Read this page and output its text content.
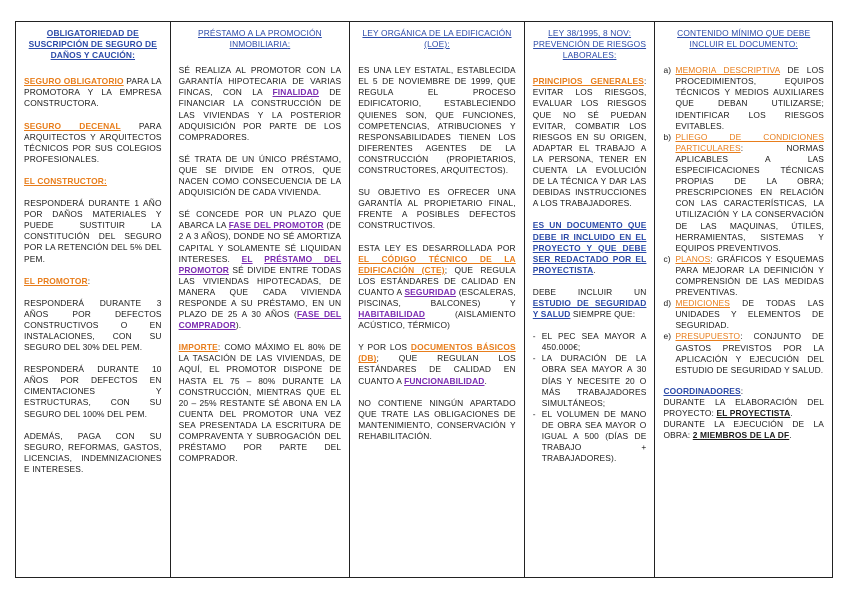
OBLIGATORIEDAD DE SUSCRIPCIÓN DE SEGURO DE DAÑOS Y CAUCIÓN:

SEGURO OBLIGATORIO PARA LA PROMOTORA Y LA EMPRESA CONSTRUCTORA.

SEGURO DECENAL PARA ARQUITECTOS Y ARQUITECTOS TÉCNICOS POR SUS COLEGIOS PROFESIONALES.

EL CONSTRUCTOR:

RESPONDERÁ DURANTE 1 AÑO POR DAÑOS MATERIALES Y PUEDE SUSTITUIR LA CONSTITUCIÓN DEL SEGURO POR LA RETENCIÓN DEL 5% DEL PEM.

EL PROMOTOR:

RESPONDERÁ DURANTE 3 AÑOS POR DEFECTOS CONSTRUCTIVOS O EN INSTALACIONES, CON SU SEGURO DEL 30% DEL PEM.

RESPONDERÁ DURANTE 10 AÑOS POR DEFECTOS EN CIMENTACIONES Y ESTRUCTURAS, CON SU SEGURO DEL 100% DEL PEM.

ADEMÁS, PAGA CON SU SEGURO, REFORMAS, GASTOS, LICENCIAS, INDEMNIZACIONES E INTERESES.

PRÉSTAMO A LA PROMOCIÓN INMOBILIARIA:

SÉ REALIZA AL PROMOTOR CON LA GARANTÍA HIPOTECARIA DE VARIAS FINCAS, CON LA FINALIDAD DE FINANCIAR LA CONSTRUCCIÓN DE LAS VIVIENDAS Y LA POSTERIOR ADQUISICIÓN POR PARTE DE LOS COMPRADORES.

SÉ TRATA DE UN ÚNICO PRÉSTAMO, QUE SE DIVIDE EN OTROS, QUE NACEN COMO CONSECUENCIA DE LA ADQUISICIÓN DE CADA VIVIENDA.

SÉ CONCEDE POR UN PLAZO QUE ABARCA LA FASE DEL PROMOTOR (DE 2 A 3 AÑOS), DONDE NO SÉ AMORTIZA CAPITAL Y SOLAMENTE SÉ LIQUIDAN INTERESES. EL PRÉSTAMO DEL PROMOTOR SÉ DIVIDE ENTRE TODAS LAS VIVIENDAS HIPOTECADAS, DE MANERA QUE CADA VIVIENDA RESPONDE A SU PRÉSTAMO, EN UN PLAZO DE 25 A 30 AÑOS (FASE DEL COMPRADOR).

IMPORTE: COMO MÁXIMO EL 80% DE LA TASACIÓN DE LAS VIVIENDAS, DE AQUÍ, EL PROMOTOR DISPONE DE HASTA EL 75 – 80% DURANTE LA CONSTRUCCIÓN, MIENTRAS QUE EL 20 – 25% RESTANTE SÉ ABONA EN LA CUENTA DEL PROMOTOR UNA VEZ SEA PRESENTADA LA ESCRITURA DE COMPRAVENTA Y SUBROGACIÓN DEL PRÉSTAMO POR PARTE DEL COMPRADOR.

LEY ORGÁNICA DE LA EDIFICACIÓN (LOE):

ES UNA LEY ESTATAL, ESTABLECIDA EL 5 DE NOVIEMBRE DE 1999, QUE REGULA EL PROCESO EDIFICATORIO, ESTABLECIENDO QUIENES SON, QUE FUNCIONES, COMPETENCIAS, ATRIBUCIONES Y RESPONSABILIDADES TIENEN LOS DIFERENTES AGENTES DE LA CONSTRUCCIÓN (PROPIETARIOS, CONSTRUCTORES, ARQUITECTOS).

SU OBJETIVO ES OFRECER UNA GARANTÍA AL PROPIETARIO FINAL, FRENTE A POSIBLES DEFECTOS CONSTRUCTIVOS.

ESTA LEY ES DESARROLLADA POR EL CÓDIGO TÉCNICO DE LA EDIFICACIÓN (CTE); QUE REGULA LOS ESTÁNDARES DE CALIDAD EN CUANTO A SEGURIDAD (ESCALERAS, PISCINAS, BALCONES) Y HABITABILIDAD (AISLAMIENTO ACÚSTICO, TÉRMICO)

Y POR LOS DOCUMENTOS BÁSICOS (DB); QUE REGULAN LOS ESTÁNDARES DE CALIDAD EN CUANTO A FUNCIONABILIDAD.

NO CONTIENE NINGÚN APARTADO QUE TRATE LAS OBLIGACIONES DE MANTENIMIENTO, CONSERVACIÓN Y REHABILITACIÓN.

LEY 38/1995, 8 NOV: PREVENCIÓN DE RIESGOS LABORALES:

PRINCIPIOS GENERALES: EVITAR LOS RIESGOS, EVALUAR LOS RIESGOS QUE NO SÉ PUEDAN EVITAR, COMBATIR LOS RIESGOS EN SU ORIGEN, ADAPTAR EL TRABAJO A LA PERSONA, TENER EN CUENTA LA EVOLUCIÓN DE LA TÉCNICA Y DAR LAS DEBIDAS INSTRUCCIONES A LOS TRABAJADORES.

ES UN DOCUMENTO QUE DEBE IR INCLUIDO EN EL PROYECTO Y QUE DEBE SER REDACTADO POR EL PROYECTISTA.

DEBE INCLUIR UN ESTUDIO DE SEGURIDAD Y SALUD SIEMPRE QUE:

- EL PEC SEA MAYOR A 450.000€;
- LA DURACIÓN DE LA OBRA SEA MAYOR A 30 DÍAS Y NECESITE 20 O MÁS TRABAJADORES SIMULTÁNEOS;
- EL VOLUMEN DE MANO DE OBRA SEA MAYOR O IGUAL A 500 (DÍAS DE TRABAJO + TRABAJADORES).
CONTENIDO MÍNIMO QUE DEBE INCLUIR EL DOCUMENTO:
a) MEMORIA DESCRIPTIVA DE LOS PROCEDIMIENTOS, EQUIPOS TÉCNICOS Y MEDIOS AUXILIARES QUE DEBAN UTILIZARSE; IDENTIFICAR LOS RIESGOS EVITABLES.
b) PLIEGO DE CONDICIONES PARTICULARES: NORMAS APLICABLES A LAS ESPECIFICACIONES TÉCNICAS PROPIAS DE LA OBRA; PRESCRIPCIONES EN RELACIÓN CON LAS CARACTERÍSTICAS, LA UTILIZACIÓN Y LA CONSERVACIÓN DE LAS MAQUINAS, ÚTILES, HERRAMIENTAS, SISTEMAS Y EQUIPOS PREVENTIVOS.
c) PLANOS: GRÁFICOS Y ESQUEMAS PARA MEJORAR LA DEFINICIÓN Y COMPRENSIÓN DE LAS MEDIDAS PREVENTIVAS.
d) MEDICIONES DE TODAS LAS UNIDADES Y ELEMENTOS DE SEGURIDAD.
e) PRESUPUESTO: CONJUNTO DE GASTOS PREVISTOS POR LA APLICACIÓN Y EJECUCIÓN DEL ESTUDIO DE SEGURIDAD Y SALUD.
COORDINADORES:
DURANTE LA ELABORACIÓN DEL PROYECTO: EL PROYECTISTA.
DURANTE LA EJECUCIÓN DE LA OBRA: 2 MIEMBROS DE LA DF.
